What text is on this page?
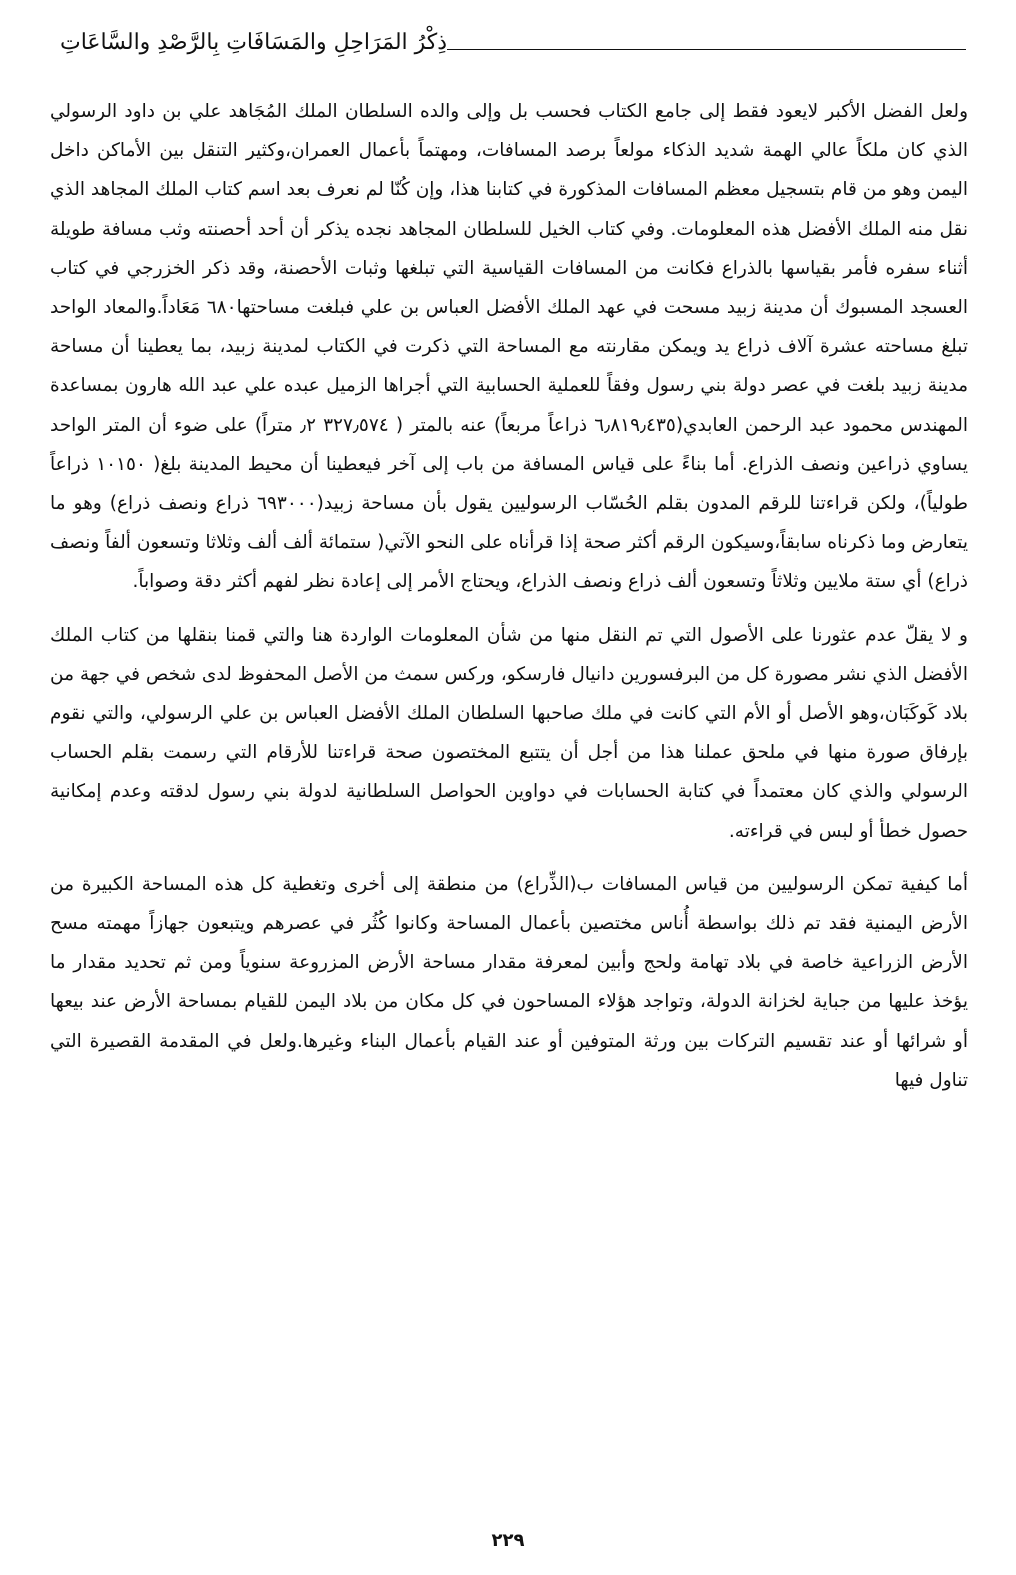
ذِكْرُ المَرَاحِلِ والمَسَافَاتِ بِالرَّصْدِ والسَّاعَاتِ

ولعل الفضل الأكبر لايعود فقط إلى جامع الكتاب فحسب بل وإلى والده السلطان الملك المُجَاهد علي بن داود الرسولي الذي كان ملكاً عالي الهمة شديد الذكاء مولعاً برصد المسافات، ومهتماً بأعمال العمران،وكثير التنقل بين الأماكن داخل اليمن وهو من قام بتسجيل معظم المسافات المذكورة في كتابنا هذا، وإن كُنّا لم نعرف بعد اسم كتاب الملك المجاهد الذي نقل منه الملك الأفضل هذه المعلومات. وفي كتاب الخيل للسلطان المجاهد نجده يذكر أن أحد أحصنته وثب مسافة طويلة أثناء سفره فأمر بقياسها بالذراع فكانت من المسافات القياسية التي تبلغها وثبات الأحصنة، وقد ذكر الخزرجي في كتاب العسجد المسبوك أن مدينة زبيد مسحت في عهد الملك الأفضل العباس بن علي فبلغت مساحتها٦٨٠ مَعَاداً.والمعاد الواحد تبلغ مساحته عشرة آلاف ذراع يد ويمكن مقارنته مع المساحة التي ذكرت في الكتاب لمدينة زبيد، بما يعطينا أن مساحة مدينة زبيد بلغت في عصر دولة بني رسول وفقاً للعملية الحسابية التي أجراها الزميل عبده علي عبد الله هارون بمساعدة المهندس محمود عبد الرحمن العابدي(٦٫٨١٩٫٤٣٥ ذراعاً مربعاً) عنه بالمتر ( ٣٢٧٫٥٧٤ ٫٢ متراً) على ضوء أن المتر الواحد يساوي ذراعين ونصف الذراع. أما بناءً على قياس المسافة من باب إلى آخر فيعطينا أن محيط المدينة بلغ( ١٠١٥٠ ذراعاً طولياً)، ولكن قراءتنا للرقم المدون بقلم الحُسّاب الرسوليين يقول بأن مساحة زبيد(٦٩٣٠٠٠ ذراع ونصف ذراع) وهو ما يتعارض وما ذكرناه سابقاً،وسيكون الرقم أكثر صحة إذا قرأناه على النحو الآتي( ستمائة ألف ألف وثلاثا وتسعون ألفاً ونصف ذراع) أي ستة ملايين وثلاثاً وتسعون ألف ذراع ونصف الذراع، ويحتاج الأمر إلى إعادة نظر لفهم أكثر دقة وصواباً.

و لا يقلّ عدم عثورنا على الأصول التي تم النقل منها من شأن المعلومات الواردة هنا والتي قمنا بنقلها من كتاب الملك الأفضل الذي نشر مصورة كل من البرفسورين دانيال فارسكو، وركس سمث من الأصل المحفوظ لدى شخص في جهة من بلاد كَوكَبَان،وهو الأصل أو الأم التي كانت في ملك صاحبها السلطان الملك الأفضل العباس بن علي الرسولي، والتي نقوم بإرفاق صورة منها في ملحق عملنا هذا من أجل أن يتتبع المختصون صحة قراءتنا للأرقام التي رسمت بقلم الحساب الرسولي والذي كان معتمداً في كتابة الحسابات في دواوين الحواصل السلطانية لدولة بني رسول لدقته وعدم إمكانية حصول خطأ أو لبس في قراءته.

أما كيفية تمكن الرسوليين من قياس المسافات ب(الذِّراع) من منطقة إلى أخرى وتغطية كل هذه المساحة الكبيرة من الأرض اليمنية فقد تم ذلك بواسطة أُناس مختصين بأعمال المساحة وكانوا كُثُر في عصرهم ويتبعون جهازاً مهمته مسح الأرض الزراعية خاصة في بلاد تهامة ولحج وأبين لمعرفة مقدار مساحة الأرض المزروعة سنوياً ومن ثم تحديد مقدار ما يؤخذ عليها من جباية لخزانة الدولة، وتواجد هؤلاء المساحون في كل مكان من بلاد اليمن للقيام بمساحة الأرض عند بيعها أو شرائها أو عند تقسيم التركات بين ورثة المتوفين أو عند القيام بأعمال البناء وغيرها.ولعل في المقدمة القصيرة التي تناول فيها

٢٢٩
